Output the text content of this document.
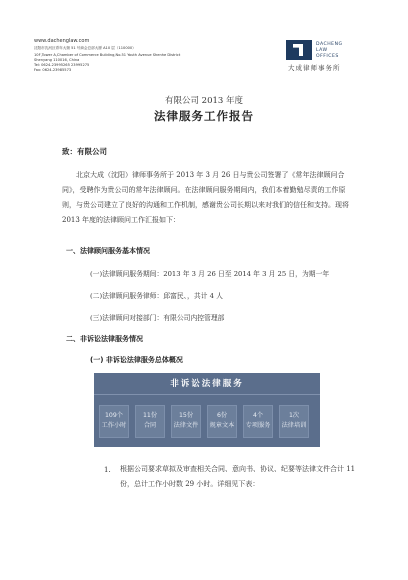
www.dachenglaw.com
沈阳市沈河区青年大街 51 号商会总部大厦 A10 层（110000）
10F,Tower A,Chamber of Commerce Building,No.51 Youth Avenue Shenhe District
Shenyang 110016, China
Tel: 0624-23995265 23995275
Fax: 0624-23985573
DACHENG
LAW
OFFICES
大成律师事务所
有限公司 2013 年度
法律服务工作报告
致：有限公司
北京大成（沈阳）律师事务所于 2013 年 3 月 26 日与贵公司签署了《常年法律顾问合同》，受聘作为贵公司的常年法律顾问。在法律顾问服务期间内，我们本着勤勉尽责的工作原则，与贵公司建立了良好的沟通和工作机制，感谢贵公司长期以来对我们的信任和支持。现将 2013 年度的法律顾问工作汇报如下：
一、法律顾问服务基本情况
(一)法律顾问服务期间：2013 年 3 月 26 日至 2014 年 3 月 25 日，为期一年
(二)法律顾问服务律师：邱富民、，共计 4 人
(三)法律顾问对接部门：有限公司内控管理部
二、非诉讼法律服务情况
(一) 非诉讼法律服务总体概况
非诉讼法律服务
109个
工作小时
11份
合同
15份
法律文件
6份
规章文本
4个
专项服务
1次
法律培训
1. 根据公司要求草拟及审查相关合同、意向书、协议、纪要等法律文件合计 11 份，总计工作小时数 29 小时。详细见下表：
